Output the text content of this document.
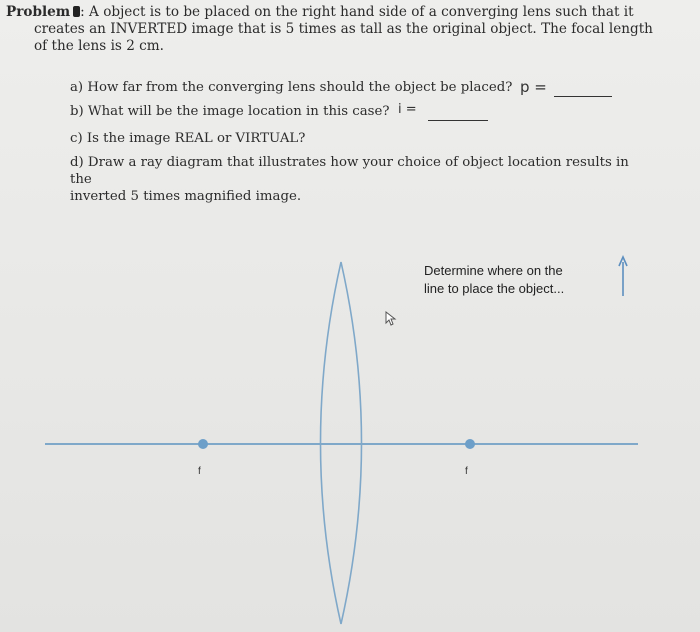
Problem : A object is to be placed on the right hand side of a converging lens such that it
creates an INVERTED image that is 5 times as tall as the original object. The focal length
of the lens is 2 cm.
a) How far from the converging lens should the object be placed? p =
b) What will be the image location in this case? i =
c) Is the image REAL or VIRTUAL?
d) Draw a ray diagram that illustrates how your choice of object location results in the
inverted 5 times magnified image.
f	f
Determine where on the
line to place the object...
